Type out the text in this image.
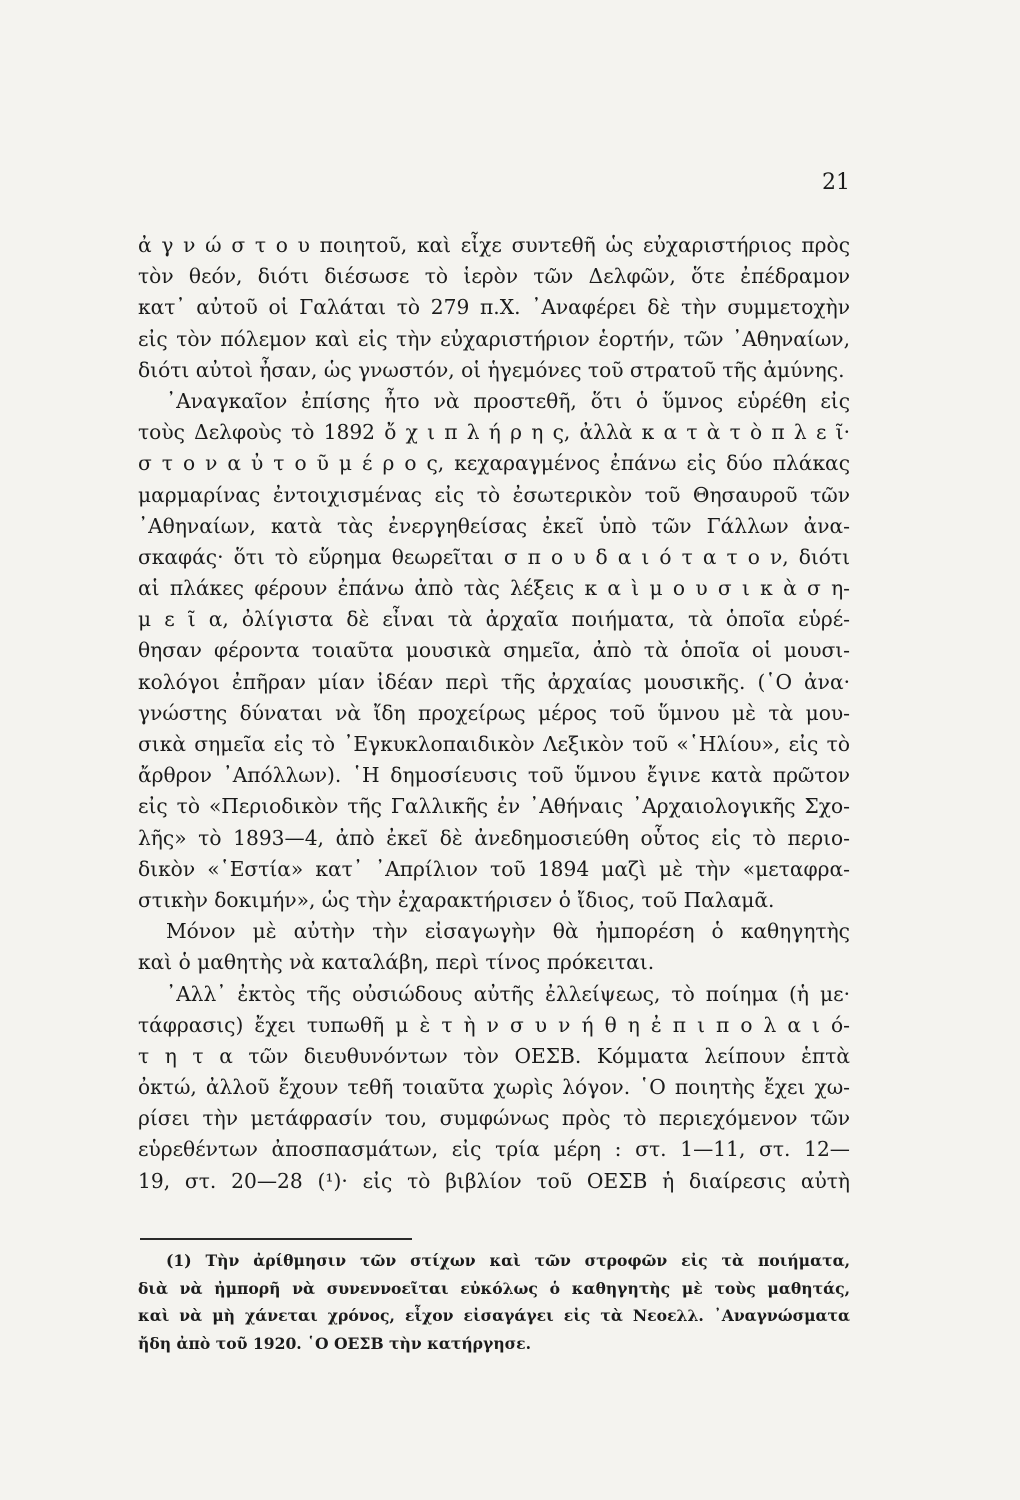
21
ἀ γ ν ώ σ τ ο υ ποιητοῦ, καὶ εἶχε συντεθῆ ὡς εὐχαριστήριος πρὸς
τὸν θεόν, διότι διέσωσε τὸ ἱερὸν τῶν Δελφῶν, ὅτε ἐπέδραμον
κατ᾿ αὐτοῦ οἱ Γαλάται τὸ 279 π.Χ. ᾿Αναφέρει δὲ τὴν συμμετοχὴν
εἰς τὸν πόλεμον καὶ εἰς τὴν εὐχαριστήριον ἑορτήν, τῶν ᾿Αθηναίων,
διότι αὐτοὶ ἦσαν, ὡς γνωστόν, οἱ ἡγεμόνες τοῦ στρατοῦ τῆς ἀμύνης.
᾿Αναγκαῖον ἐπίσης ἦτο νὰ προστεθῆ, ὅτι ὁ ὕμνος εὑρέθη εἰς
τοὺς Δελφοὺς τὸ 1892 ὄ χ ι π λ ή ρ η ς, ἀλλὰ κ α τ ὰ τ ὸ π λ ε ῖ·
σ τ ο ν α ὐ τ ο ῦ μ έ ρ ο ς, κεχαραγμένος ἐπάνω εἰς δύο πλάκας
μαρμαρίνας ἐντοιχισμένας εἰς τὸ ἐσωτερικὸν τοῦ Θησαυροῦ τῶν
᾿Αθηναίων, κατὰ τὰς ἐνεργηθείσας ἐκεῖ ὑπὸ τῶν Γάλλων ἀνα-
σκαφάς· ὅτι τὸ εὕρημα θεωρεῖται σ π ο υ δ α ι ό τ α τ ο ν, διότι
αἱ πλάκες φέρουν ἐπάνω ἀπὸ τὰς λέξεις κ α ὶ μ ο υ σ ι κ ὰ σ η-
μ ε ῖ α, ὀλίγιστα δὲ εἶναι τὰ ἀρχαῖα ποιήματα, τὰ ὁποῖα εὑρέ-
θησαν φέροντα τοιαῦτα μουσικὰ σημεῖα, ἀπὸ τὰ ὁποῖα οἱ μουσι-
κολόγοι ἐπῆραν μίαν ἰδέαν περὶ τῆς ἀρχαίας μουσικῆς. (῾Ο ἀνα·
γνώστης δύναται νὰ ἴδη προχείρως μέρος τοῦ ὕμνου μὲ τὰ μου-
σικὰ σημεῖα εἰς τὸ ᾿Εγκυκλοπαιδικὸν Λεξικὸν τοῦ «῾Ηλίου», εἰς τὸ
ἄρθρον ᾿Απόλλων). ῾Η δημοσίευσις τοῦ ὕμνου ἔγινε κατὰ πρῶτον
εἰς τὸ «Περιοδικὸν τῆς Γαλλικῆς ἐν ᾿Αθήναις ᾿Αρχαιολογικῆς Σχο-
λῆς» τὸ 1893—4, ἀπὸ ἐκεῖ δὲ ἀνεδημοσιεύθη οὗτος εἰς τὸ περιο-
δικὸν «῾Εστία» κατ᾿ ᾿Απρίλιον τοῦ 1894 μαζὶ μὲ τὴν «μεταφρα-
στικὴν δοκιμήν», ὡς τὴν ἐχαρακτήρισεν ὁ ἴδιος, τοῦ Παλαμᾶ.
Μόνον μὲ αὐτὴν τὴν εἰσαγωγὴν θὰ ἠμπορέση ὁ καθηγητὴς
καὶ ὁ μαθητὴς νὰ καταλάβη, περὶ τίνος πρόκειται.
᾿Αλλ᾿ ἐκτὸς τῆς οὐσιώδους αὐτῆς ἐλλείψεως, τὸ ποίημα (ἡ με·
τάφρασις) ἔχει τυπωθῆ μ ὲ τ ὴ ν σ υ ν ή θ η ἐ π ι π ο λ α ι ό-
τ η τ α τῶν διευθυνόντων τὸν ΟΕΣΒ. Κόμματα λείπουν ἑπτὰ
ὀκτώ, ἀλλοῦ ἔχουν τεθῆ τοιαῦτα χωρὶς λόγον. ῾Ο ποιητὴς ἔχει χω-
ρίσει τὴν μετάφρασίν του, συμφώνως πρὸς τὸ περιεχόμενον τῶν
εὑρεθέντων ἀποσπασμάτων, εἰς τρία μέρη : στ. 1—11, στ. 12—
19, στ. 20—28 (¹)· εἰς τὸ βιβλίον τοῦ ΟΕΣΒ ἡ διαίρεσις αὐτὴ
(1) Τὴν ἀρίθμησιν τῶν στίχων καὶ τῶν στροφῶν εἰς τὰ ποιήματα,
διὰ νὰ ἠμπορῆ νὰ συνεννοεῖται εὐκόλως ὁ καθηγητὴς μὲ τοὺς μαθητάς,
καὶ νὰ μὴ χάνεται χρόνος, εἶχον εἰσαγάγει εἰς τὰ Νεοελλ. ᾿Αναγνώσματα
ἤδη ἀπὸ τοῦ 1920. ῾Ο ΟΕΣΒ τὴν κατήργησε.
